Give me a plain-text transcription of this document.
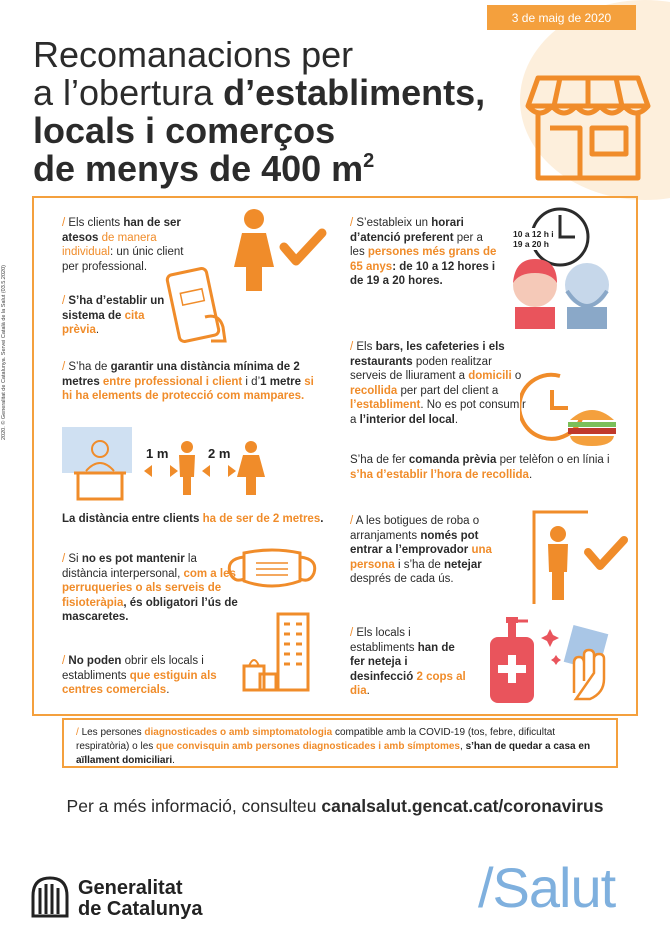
3 de maig de 2020
Recomanacions per
a l’obertura d’establiments,
locals i comerços
de menys de 400 $m^2$
/ Els clients han de ser atesos de manera individual: un únic client per professional.
/ S’ha d’establir un sistema de cita prèvia.
/ S’ha de garantir una distància mínima de 2 metres entre professional i client i d’1 metre si hi ha elements de protecció com mampares.
1 m	2 m
La distància entre clients ha de ser de 2 metres.
/ Si no es pot mantenir la distància interpersonal, com a les perruqueries o als serveis de fisioteràpia, és obligatori l’ús de mascaretes.
/ No poden obrir els locals i establiments que estiguin als centres comercials.
/ S’estableix un horari d’atenció preferent per a les persones més grans de 65 anys: de 10 a 12 hores i de 19 a 20 hores.
10 a 12 h i
19 a 20 h
/ Els bars, les cafeteries i els restaurants poden realitzar serveis de lliurament a domicili o recollida per part del client a l’establiment. No es pot consumir a l’interior del local.
S’ha de fer comanda prèvia per telèfon o en línia i s’ha d’establir l’hora de recollida.
/ A les botigues de roba o arranjaments només pot entrar a l’emprovador una persona i s’ha de netejar després de cada ús.
/ Els locals i establiments han de fer neteja i desinfecció 2 cops al dia.
2020. © Generalitat de Catalunya. Servei Català de la Salut (03.5.2020)
/ Les persones diagnosticades o amb simptomatologia compatible amb la COVID-19 (tos, febre, dificultat respiratòria) o les que convisquin amb persones diagnosticades i amb símptomes, s’han de quedar a casa en aïllament domiciliari.
Per a més informació, consulteu canalsalut.gencat.cat/coronavirus
Generalitat
de Catalunya	/Salut
